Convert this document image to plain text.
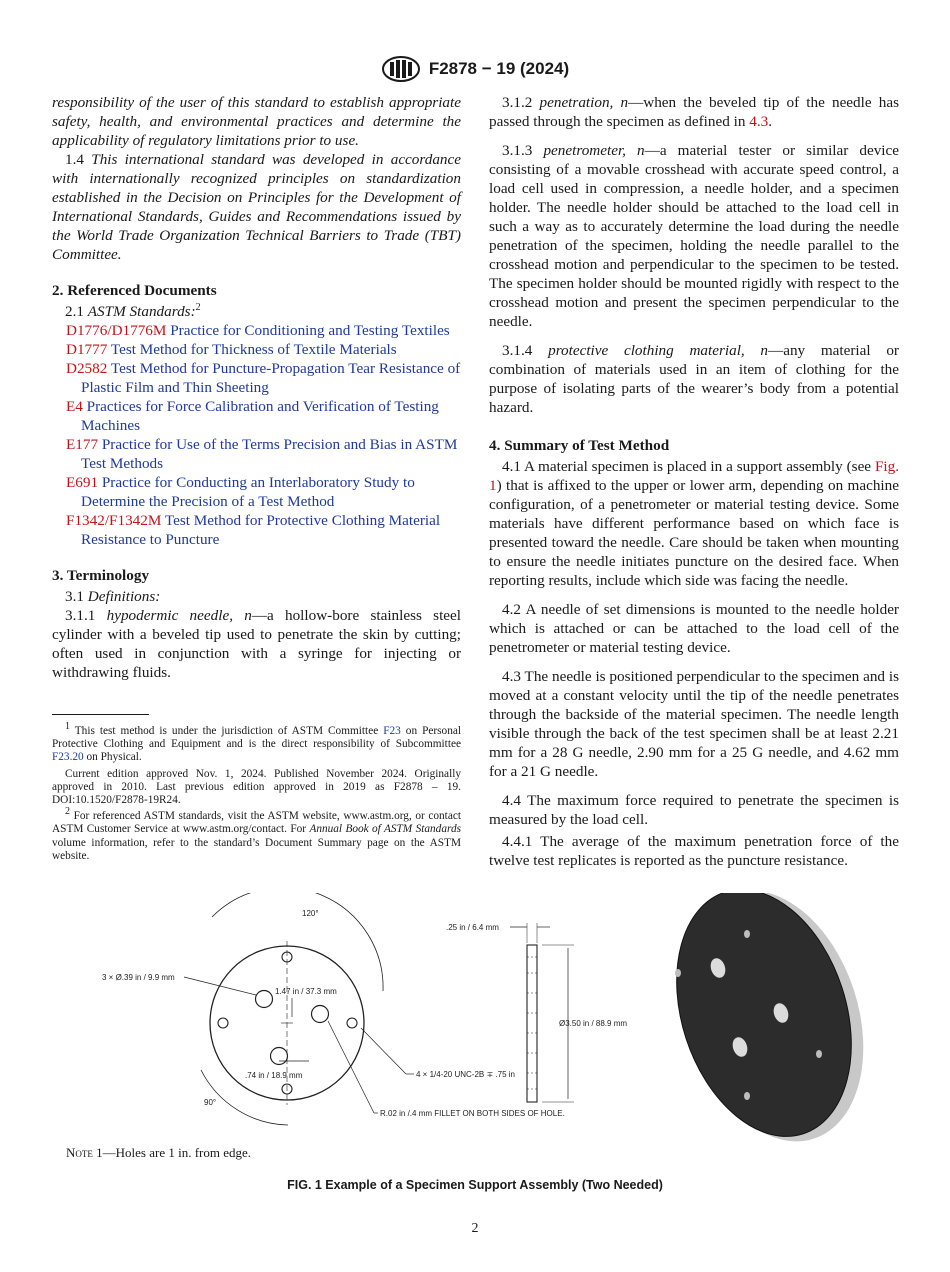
F2878 − 19 (2024)

responsibility of the user of this standard to establish appropriate safety, health, and environmental practices and determine the applicability of regulatory limitations prior to use.

1.4 This international standard was developed in accordance with internationally recognized principles on standardization established in the Decision on Principles for the Development of International Standards, Guides and Recommendations issued by the World Trade Organization Technical Barriers to Trade (TBT) Committee.

2. Referenced Documents

2.1 ASTM Standards:$^2$

D1776/D1776M Practice for Conditioning and Testing Textiles

D1777 Test Method for Thickness of Textile Materials

D2582 Test Method for Puncture-Propagation Tear Resistance of Plastic Film and Thin Sheeting

E4 Practices for Force Calibration and Verification of Testing Machines

E177 Practice for Use of the Terms Precision and Bias in ASTM Test Methods

E691 Practice for Conducting an Interlaboratory Study to Determine the Precision of a Test Method

F1342/F1342M Test Method for Protective Clothing Material Resistance to Puncture

3. Terminology

3.1 Definitions:

3.1.1 hypodermic needle, n—a hollow-bore stainless steel cylinder with a beveled tip used to penetrate the skin by cutting; often used in conjunction with a syringe for injecting or withdrawing fluids.

$^1$ This test method is under the jurisdiction of ASTM Committee F23 on Personal Protective Clothing and Equipment and is the direct responsibility of Subcommittee F23.20 on Physical.

Current edition approved Nov. 1, 2024. Published November 2024. Originally approved in 2010. Last previous edition approved in 2019 as F2878 – 19. DOI:10.1520/F2878-19R24.

$^2$ For referenced ASTM standards, visit the ASTM website, www.astm.org, or contact ASTM Customer Service at www.astm.org/contact. For Annual Book of ASTM Standards volume information, refer to the standard’s Document Summary page on the ASTM website.

3.1.2 penetration, n—when the beveled tip of the needle has passed through the specimen as defined in 4.3.

3.1.3 penetrometer, n—a material tester or similar device consisting of a movable crosshead with accurate speed control, a load cell used in compression, a needle holder, and a specimen holder. The needle holder should be attached to the load cell in such a way as to accurately determine the load during the needle penetration of the specimen, holding the needle parallel to the crosshead motion and perpendicular to the specimen to be tested. The specimen holder should be mounted rigidly with respect to the crosshead motion and present the specimen perpendicular to the needle.

3.1.4 protective clothing material, n—any material or combination of materials used in an item of clothing for the purpose of isolating parts of the wearer’s body from a potential hazard.

4. Summary of Test Method

4.1 A material specimen is placed in a support assembly (see Fig. 1) that is affixed to the upper or lower arm, depending on machine configuration, of a penetrometer or material testing device. Some materials have different performance based on which face is presented toward the needle. Care should be taken when mounting to ensure the needle initiates puncture on the desired face. When reporting results, include which side was facing the needle.

4.2 A needle of set dimensions is mounted to the needle holder which is attached or can be attached to the load cell of the penetrometer or material testing device.

4.3 The needle is positioned perpendicular to the specimen and is moved at a constant velocity until the tip of the needle penetrates through the backside of the material specimen. The needle length visible through the back of the test specimen shall be at least 2.21 mm for a 28 G needle, 2.90 mm for a 25 G needle, and 4.62 mm for a 21 G needle.

4.4 The maximum force required to penetrate the specimen is measured by the load cell.

4.4.1 The average of the maximum penetration force of the twelve test replicates is reported as the puncture resistance.

120°
90°
3 × Ø.39 in / 9.9 mm
1.47 in / 37.3 mm
.74 in / 18.9 mm	4 × 1/4-20 UNC-2B ∓ .75 in
R.02 in /.4 mm FILLET ON BOTH SIDES OF HOLE.
.25 in / 6.4 mm
Ø3.50 in / 88.9 mm
Note 1—Holes are 1 in. from edge.
FIG. 1 Example of a Specimen Support Assembly (Two Needed)
2
